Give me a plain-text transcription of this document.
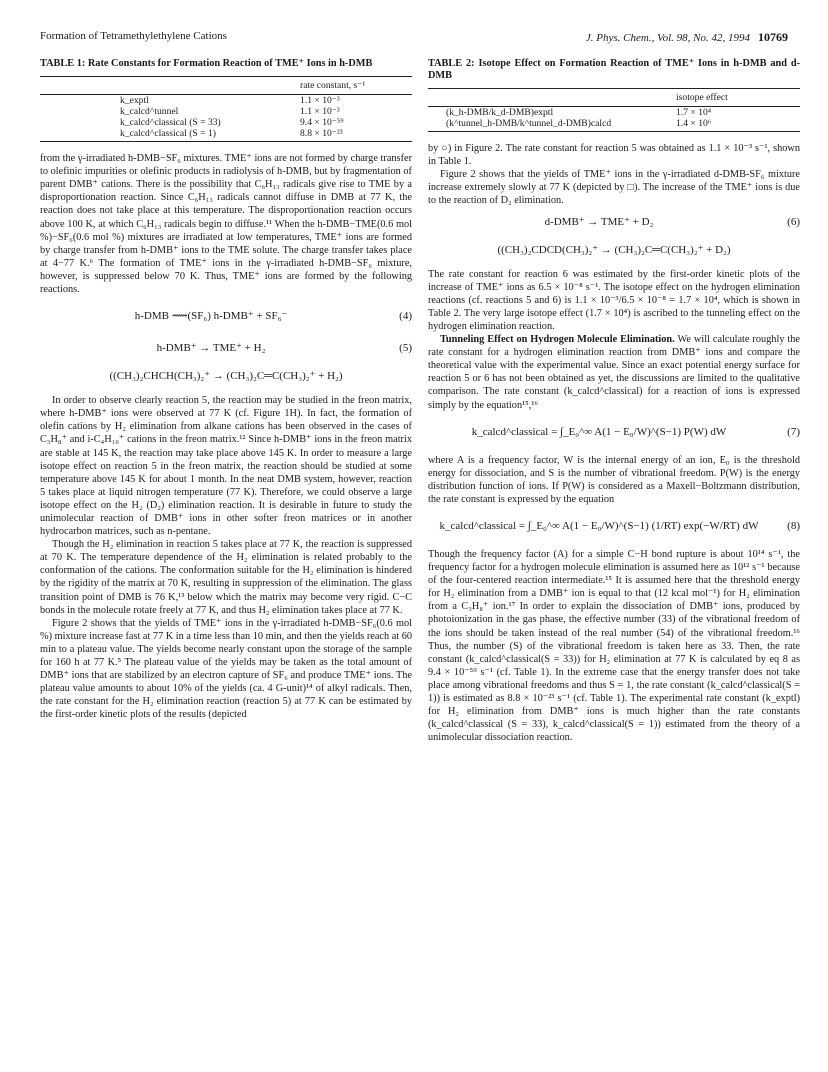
Formation of Tetramethylethylene Cations	J. Phys. Chem., Vol. 98, No. 42, 1994 10769
TABLE 1: Rate Constants for Formation Reaction of TME⁺ Ions in h-DMB
	rate constant, s⁻¹
k_exptl	1.1 × 10⁻³
k_calcd^tunnel	1.1 × 10⁻³
k_calcd^classical (S = 33)	9.4 × 10⁻⁵⁹
k_calcd^classical (S = 1)	8.8 × 10⁻²³

from the γ-irradiated h-DMB−SF₆ mixtures. TME⁺ ions are not formed by charge transfer to olefinic impurities or olefinic products in radiolysis of h-DMB, but by fragmentation of parent DMB⁺ cations. There is the possibility that C₆H₁₃ radicals give rise to TME by a disproportionation reaction. Since C₆H₁₃ radicals cannot diffuse in DMB at 77 K, the reaction does not take place at this temperature. The disproportionation reaction occurs above 100 K, at which C₆H₁₃ radicals begin to diffuse.¹¹ When the h-DMB−TME(0.6 mol %)−SF₆(0.6 mol %) mixtures are irradiated at low temperatures, TME⁺ ions are formed by charge transfer from h-DMB⁺ ions to the TME solute. The charge transfer takes place at 4−77 K.⁶ The formation of TME⁺ ions in the γ-irradiated h-DMB−SF₆ mixture, however, is suppressed below 70 K. Thus, TME⁺ ions are formed by the following reactions.

h-DMB ⟿(SF₆) h-DMB⁺ + SF₆⁻	(4)
h-DMB⁺ → TME⁺ + H₂	(5)
((CH₃)₂CHCH(CH₃)₂⁺ → (CH₃)₂C═C(CH₃)₂⁺ + H₂)

In order to observe clearly reaction 5, the reaction may be studied in the freon matrix, where h-DMB⁺ ions were observed at 77 K (cf. Figure 1H). In fact, the formation of olefin cations by H₂ elimination from alkane cations has been observed in the cases of C₃H₈⁺ and i-C₄H₁₀⁺ cations in the freon matrix.¹² Since h-DMB⁺ ions in the freon matrix are stable at 145 K, the reaction may take place above 145 K. In order to measure a large isotope effect on reaction 5 in the freon matrix, the reaction should be studied at some temperature above 145 K for about 1 month. In the neat DMB system, however, reaction 5 takes place at liquid nitrogen temperature (77 K). Therefore, we could observe a large isotope effect on the H₂ (D₂) elimination reaction. It is desirable in future to study the unimolecular reaction of DMB⁺ ions in other softer freon matrices or in another hydrocarbon matrices, such as n-pentane.

Though the H₂ elimination in reaction 5 takes place at 77 K, the reaction is suppressed at 70 K. The temperature dependence of the H₂ elimination is related probably to the conformation of the cations. The conformation suitable for the H₂ elimination is hindered by the rigidity of the matrix at 70 K, resulting in suppression of the elimination. The glass transition point of DMB is 76 K,¹³ below which the matrix may become very rigid. C−C bonds in the molecule rotate freely at 77 K, and thus H₂ elimination takes place at 77 K.

Figure 2 shows that the yields of TME⁺ ions in the γ-irradiated h-DMB−SF₆(0.6 mol %) mixture increase fast at 77 K in a time less than 10 min, and then the yields reach at 60 min to a plateau value. The yields become nearly constant upon the storage of the sample for 160 h at 77 K.⁵ The plateau value of the yields may be taken as the total amount of DMB⁺ ions that are stabilized by an electron capture of SF₆ and produce TME⁺ ions. The plateau value amounts to about 10% of the yields (ca. 4 G-unit)¹⁴ of alkyl radicals. Then, the rate constant for the H₂ elimination reaction (reaction 5) at 77 K can be estimated by the first-order kinetic plots of the results (depicted

TABLE 2: Isotope Effect on Formation Reaction of TME⁺ Ions in h-DMB and d-DMB
	isotope effect
(k_h-DMB/k_d-DMB)exptl	1.7 × 10⁴
(k^tunnel_h-DMB/k^tunnel_d-DMB)calcd	1.4 × 10⁶

by ○) in Figure 2. The rate constant for reaction 5 was obtained as 1.1 × 10⁻³ s⁻¹, shown in Table 1.

Figure 2 shows that the yields of TME⁺ ions in the γ-irradiated d-DMB-SF₆ mixture increase extremely slowly at 77 K (depicted by □). The increase of the TME⁺ ions is due to the reaction of D₂ elimination.

d-DMB⁺ → TME⁺ + D₂	(6)
((CH₃)₂CDCD(CH₃)₂⁺ → (CH₃)₂C═C(CH₃)₂⁺ + D₂)

The rate constant for reaction 6 was estimated by the first-order kinetic plots of the increase of TME⁺ ions as 6.5 × 10⁻⁸ s⁻¹. The isotope effect on the hydrogen elimination reactions (cf. reactions 5 and 6) is 1.1 × 10⁻³/6.5 × 10⁻⁸ = 1.7 × 10⁴, which is shown in Table 2. The very large isotope effect (1.7 × 10⁴) is ascribed to the tunneling effect on the hydrogen elimination reaction.

Tunneling Effect on Hydrogen Molecule Elimination. We will calculate roughly the rate constant for a hydrogen elimination reaction from DMB⁺ ions and compare the theoretical value with the experimental value. Since an exact potential energy surface for reaction 5 or 6 has not been obtained as yet, the discussions are limited to the qualitative comparison. The rate constant (k_calcd^classical) for a reaction of ions is expressed simply by the equation¹⁵,¹⁶

k_calcd^classical = ∫_E₀^∞ A(1 − E₀/W)^(S−1) P(W) dW	(7)

where A is a frequency factor, W is the internal energy of an ion, E₀ is the threshold energy for dissociation, and S is the number of vibrational freedom. P(W) is the energy distribution function of ions. If P(W) is considered as a Maxell−Boltzmann distribution, the rate constant is expressed by the equation

k_calcd^classical = ∫_E₀^∞ A(1 − E₀/W)^(S−1) (1/RT) exp(−W/RT) dW	(8)

Though the frequency factor (A) for a simple C−H bond rupture is about 10¹⁴ s⁻¹, the frequency factor for a hydrogen molecule elimination is assumed here as 10¹² s⁻¹ because of the four-centered reaction intermediate.¹⁵ It is assumed here that the threshold energy for H₂ elimination from a DMB⁺ ion is equal to that (12 kcal mol⁻¹) for H₂ elimination from a C₃H₈⁺ ion.¹⁷ In order to explain the dissociation of DMB⁺ ions, produced by photoionization in the gas phase, the effective number (33) of the vibrational freedom of the ions should be taken instead of the real number (54) of the vibrational freedom.¹⁶ Thus, the number (S) of the vibrational freedom is taken here as 33. Then, the rate constant (k_calcd^classical(S = 33)) for H₂ elimination at 77 K is calculated by eq 8 as 9.4 × 10⁻⁵⁹ s⁻¹ (cf. Table 1). In the extreme case that the energy transfer does not take place among vibrational freedoms and thus S = 1, the rate constant (k_calcd^classical(S = 1)) is estimated as 8.8 × 10⁻²³ s⁻¹ (cf. Table 1). The experimental rate constant (k_exptl) for H₂ elimination from DMB⁺ ions is much higher than the rate constants (k_calcd^classical (S = 33), k_calcd^classical(S = 1)) estimated from the theory of a unimolecular dissociation reaction.
